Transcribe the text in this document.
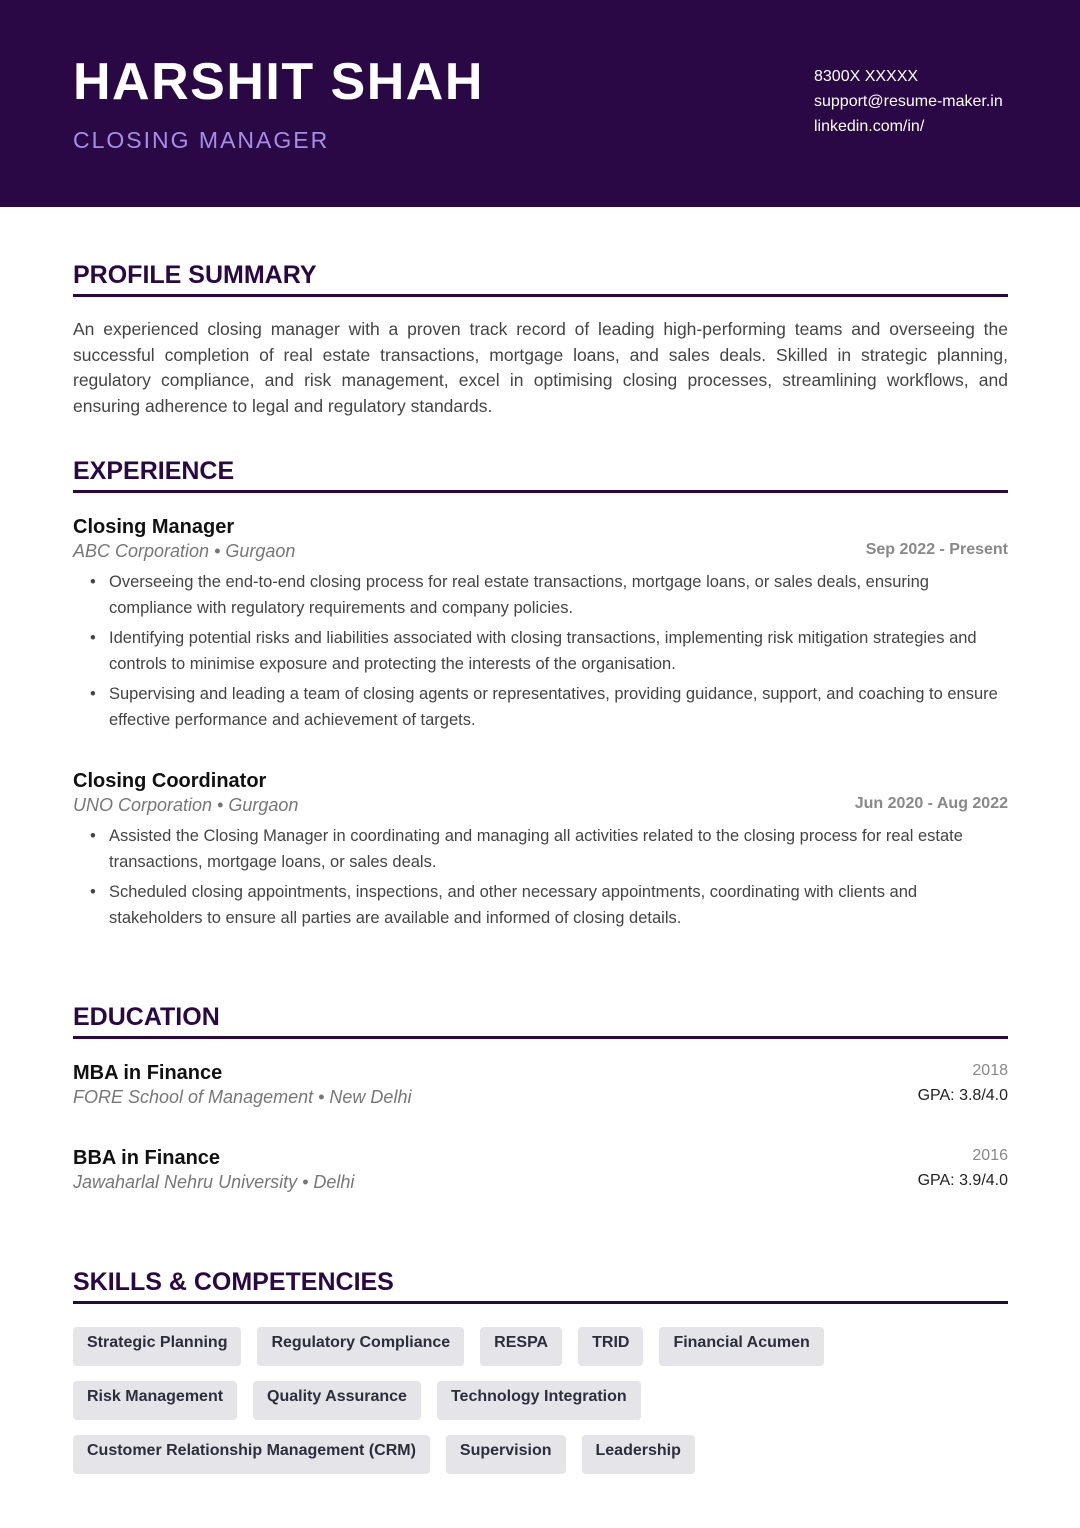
HARSHIT SHAH
CLOSING MANAGER
8300X XXXXX
support@resume-maker.in
linkedin.com/in/
PROFILE SUMMARY
An experienced closing manager with a proven track record of leading high-performing teams and overseeing the successful completion of real estate transactions, mortgage loans, and sales deals. Skilled in strategic planning, regulatory compliance, and risk management, excel in optimising closing processes, streamlining workflows, and ensuring adherence to legal and regulatory standards.
EXPERIENCE
Closing Manager
ABC Corporation • Gurgaon	Sep 2022 - Present
• Overseeing the end-to-end closing process for real estate transactions, mortgage loans, or sales deals, ensuring compliance with regulatory requirements and company policies.
• Identifying potential risks and liabilities associated with closing transactions, implementing risk mitigation strategies and controls to minimise exposure and protecting the interests of the organisation.
• Supervising and leading a team of closing agents or representatives, providing guidance, support, and coaching to ensure effective performance and achievement of targets.
Closing Coordinator
UNO Corporation • Gurgaon	Jun 2020 - Aug 2022
• Assisted the Closing Manager in coordinating and managing all activities related to the closing process for real estate transactions, mortgage loans, or sales deals.
• Scheduled closing appointments, inspections, and other necessary appointments, coordinating with clients and stakeholders to ensure all parties are available and informed of closing details.
EDUCATION
MBA in Finance
FORE School of Management • New Delhi
2018
GPA: 3.8/4.0
BBA in Finance
Jawaharlal Nehru University • Delhi
2016
GPA: 3.9/4.0
SKILLS & COMPETENCIES
Strategic Planning	Regulatory Compliance	RESPA	TRID	Financial Acumen
Risk Management	Quality Assurance	Technology Integration
Customer Relationship Management (CRM)	Supervision	Leadership
